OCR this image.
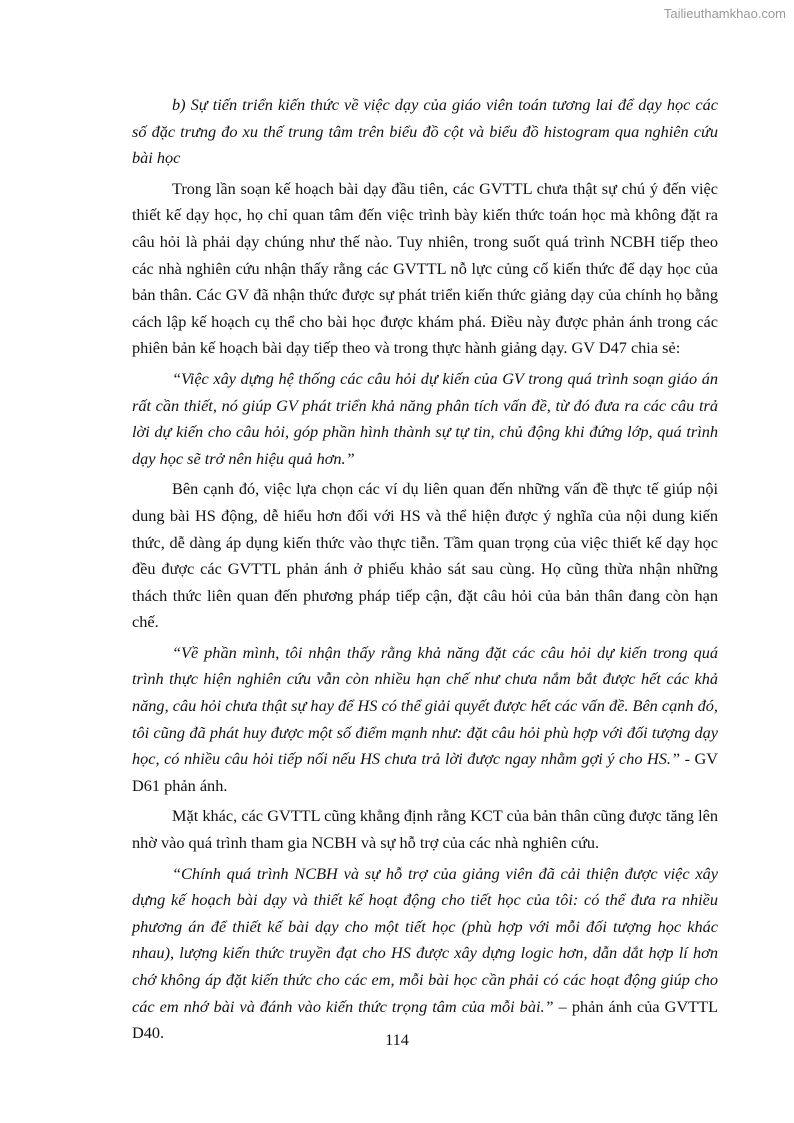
Tailieuthamkhao.com

b) Sự tiến triển kiến thức về việc dạy của giáo viên toán tương lai để dạy học các số đặc trưng đo xu thế trung tâm trên biểu đồ cột và biểu đồ histogram qua nghiên cứu bài học

Trong lần soạn kế hoạch bài dạy đầu tiên, các GVTTL chưa thật sự chú ý đến việc thiết kế dạy học, họ chỉ quan tâm đến việc trình bày kiến thức toán học mà không đặt ra câu hỏi là phải dạy chúng như thế nào. Tuy nhiên, trong suốt quá trình NCBH tiếp theo các nhà nghiên cứu nhận thấy rằng các GVTTL nỗ lực củng cố kiến thức để dạy học của bản thân. Các GV đã nhận thức được sự phát triển kiến thức giảng dạy của chính họ bằng cách lập kế hoạch cụ thể cho bài học được khám phá. Điều này được phản ánh trong các phiên bản kế hoạch bài dạy tiếp theo và trong thực hành giảng dạy. GV D47 chia sẻ:

“Việc xây dựng hệ thống các câu hỏi dự kiến của GV trong quá trình soạn giáo án rất cần thiết, nó giúp GV phát triển khả năng phân tích vấn đề, từ đó đưa ra các câu trả lời dự kiến cho câu hỏi, góp phần hình thành sự tự tin, chủ động khi đứng lớp, quá trình dạy học sẽ trở nên hiệu quả hơn.”

Bên cạnh đó, việc lựa chọn các ví dụ liên quan đến những vấn đề thực tế giúp nội dung bài HS động, dễ hiểu hơn đối với HS và thể hiện được ý nghĩa của nội dung kiến thức, dễ dàng áp dụng kiến thức vào thực tiễn. Tầm quan trọng của việc thiết kế dạy học đều được các GVTTL phản ánh ở phiếu khảo sát sau cùng. Họ cũng thừa nhận những thách thức liên quan đến phương pháp tiếp cận, đặt câu hỏi của bản thân đang còn hạn chế.

“Về phần mình, tôi nhận thấy rằng khả năng đặt các câu hỏi dự kiến trong quá trình thực hiện nghiên cứu vẫn còn nhiều hạn chế như chưa nắm bắt được hết các khả năng, câu hỏi chưa thật sự hay để HS có thể giải quyết được hết các vấn đề. Bên cạnh đó, tôi cũng đã phát huy được một số điểm mạnh như: đặt câu hỏi phù hợp với đối tượng dạy học, có nhiều câu hỏi tiếp nối nếu HS chưa trả lời được ngay nhằm gợi ý cho HS.” - GV D61 phản ánh.

Mặt khác, các GVTTL cũng khẳng định rằng KCT của bản thân cũng được tăng lên nhờ vào quá trình tham gia NCBH và sự hỗ trợ của các nhà nghiên cứu.

“Chính quá trình NCBH và sự hỗ trợ của giảng viên đã cải thiện được việc xây dựng kế hoạch bài dạy và thiết kế hoạt động cho tiết học của tôi: có thể đưa ra nhiều phương án để thiết kế bài dạy cho một tiết học (phù hợp với mỗi đối tượng học khác nhau), lượng kiến thức truyền đạt cho HS được xây dựng logic hơn, dẫn dắt hợp lí hơn chớ không áp đặt kiến thức cho các em, mỗi bài học cần phải có các hoạt động giúp cho các em nhớ bài và đánh vào kiến thức trọng tâm của mỗi bài.” – phản ánh của GVTTL D40.	114
